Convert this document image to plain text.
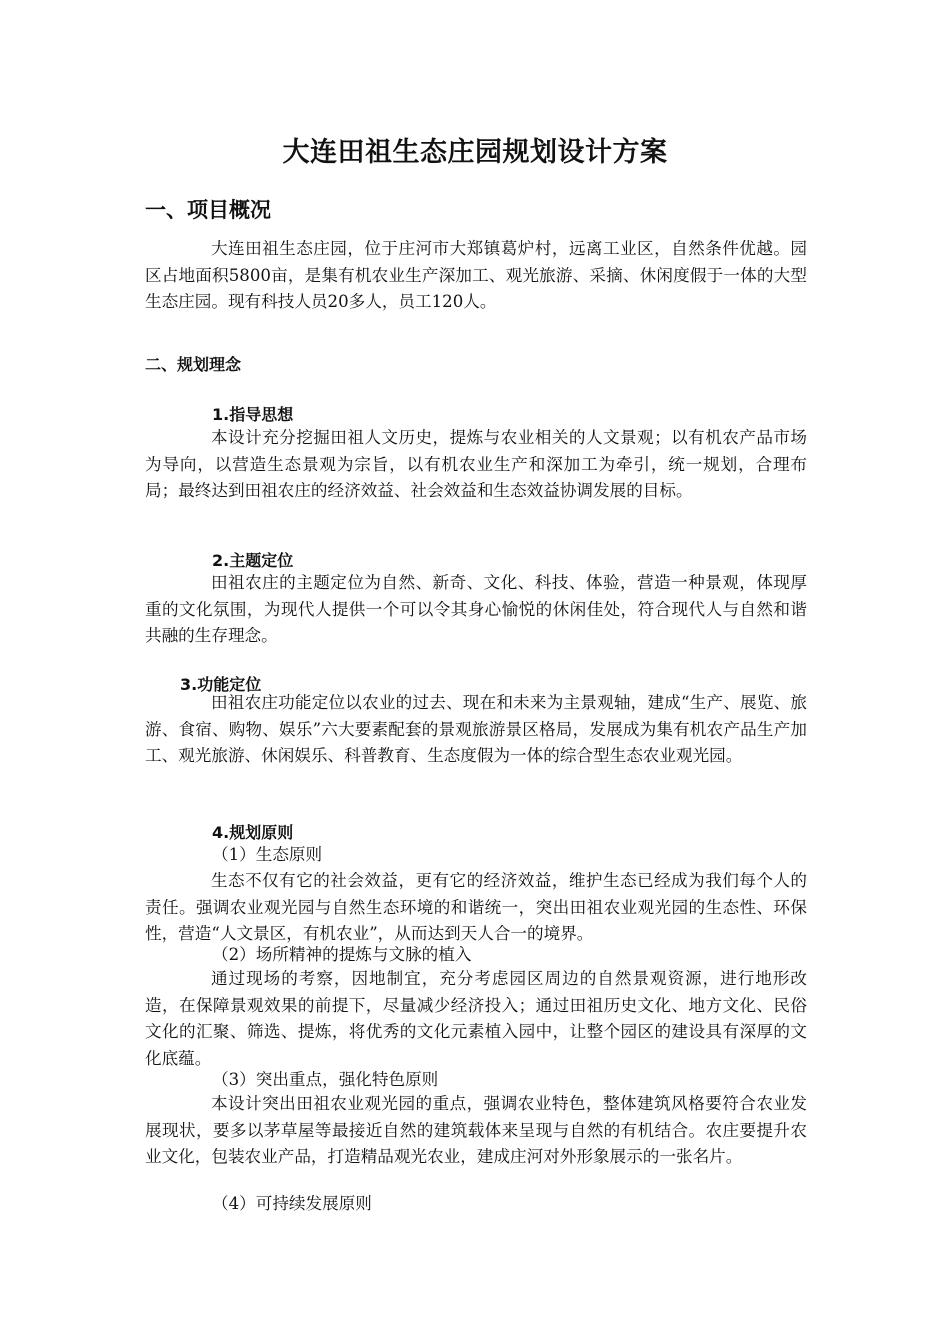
大连田祖生态庄园规划设计方案
一、项目概况

大连田祖生态庄园，位于庄河市大郑镇葛炉村，远离工业区，自然条件优越。园区占地面积5800亩，是集有机农业生产深加工、观光旅游、采摘、休闲度假于一体的大型生态庄园。现有科技人员20多人，员工120人。

二、规划理念
1.指导思想

本设计充分挖掘田祖人文历史，提炼与农业相关的人文景观；以有机农产品市场为导向，以营造生态景观为宗旨，以有机农业生产和深加工为牵引，统一规划，合理布局；最终达到田祖农庄的经济效益、社会效益和生态效益协调发展的目标。

2.主题定位

田祖农庄的主题定位为自然、新奇、文化、科技、体验，营造一种景观，体现厚重的文化氛围，为现代人提供一个可以令其身心愉悦的休闲佳处，符合现代人与自然和谐共融的生存理念。

3.功能定位

田祖农庄功能定位以农业的过去、现在和未来为主景观轴，建成“生产、展览、旅游、食宿、购物、娱乐”六大要素配套的景观旅游景区格局，发展成为集有机农产品生产加工、观光旅游、休闲娱乐、科普教育、生态度假为一体的综合型生态农业观光园。

4.规划原则
（1）生态原则

生态不仅有它的社会效益，更有它的经济效益，维护生态已经成为我们每个人的责任。强调农业观光园与自然生态环境的和谐统一，突出田祖农业观光园的生态性、环保性，营造“人文景区，有机农业”，从而达到天人合一的境界。

（2）场所精神的提炼与文脉的植入

通过现场的考察，因地制宜，充分考虑园区周边的自然景观资源，进行地形改造，在保障景观效果的前提下，尽量减少经济投入；通过田祖历史文化、地方文化、民俗文化的汇聚、筛选、提炼，将优秀的文化元素植入园中，让整个园区的建设具有深厚的文化底蕴。

（3）突出重点，强化特色原则

本设计突出田祖农业观光园的重点，强调农业特色，整体建筑风格要符合农业发展现状，要多以茅草屋等最接近自然的建筑载体来呈现与自然的有机结合。农庄要提升农业文化，包装农业产品，打造精品观光农业，建成庄河对外形象展示的一张名片。

（4）可持续发展原则
